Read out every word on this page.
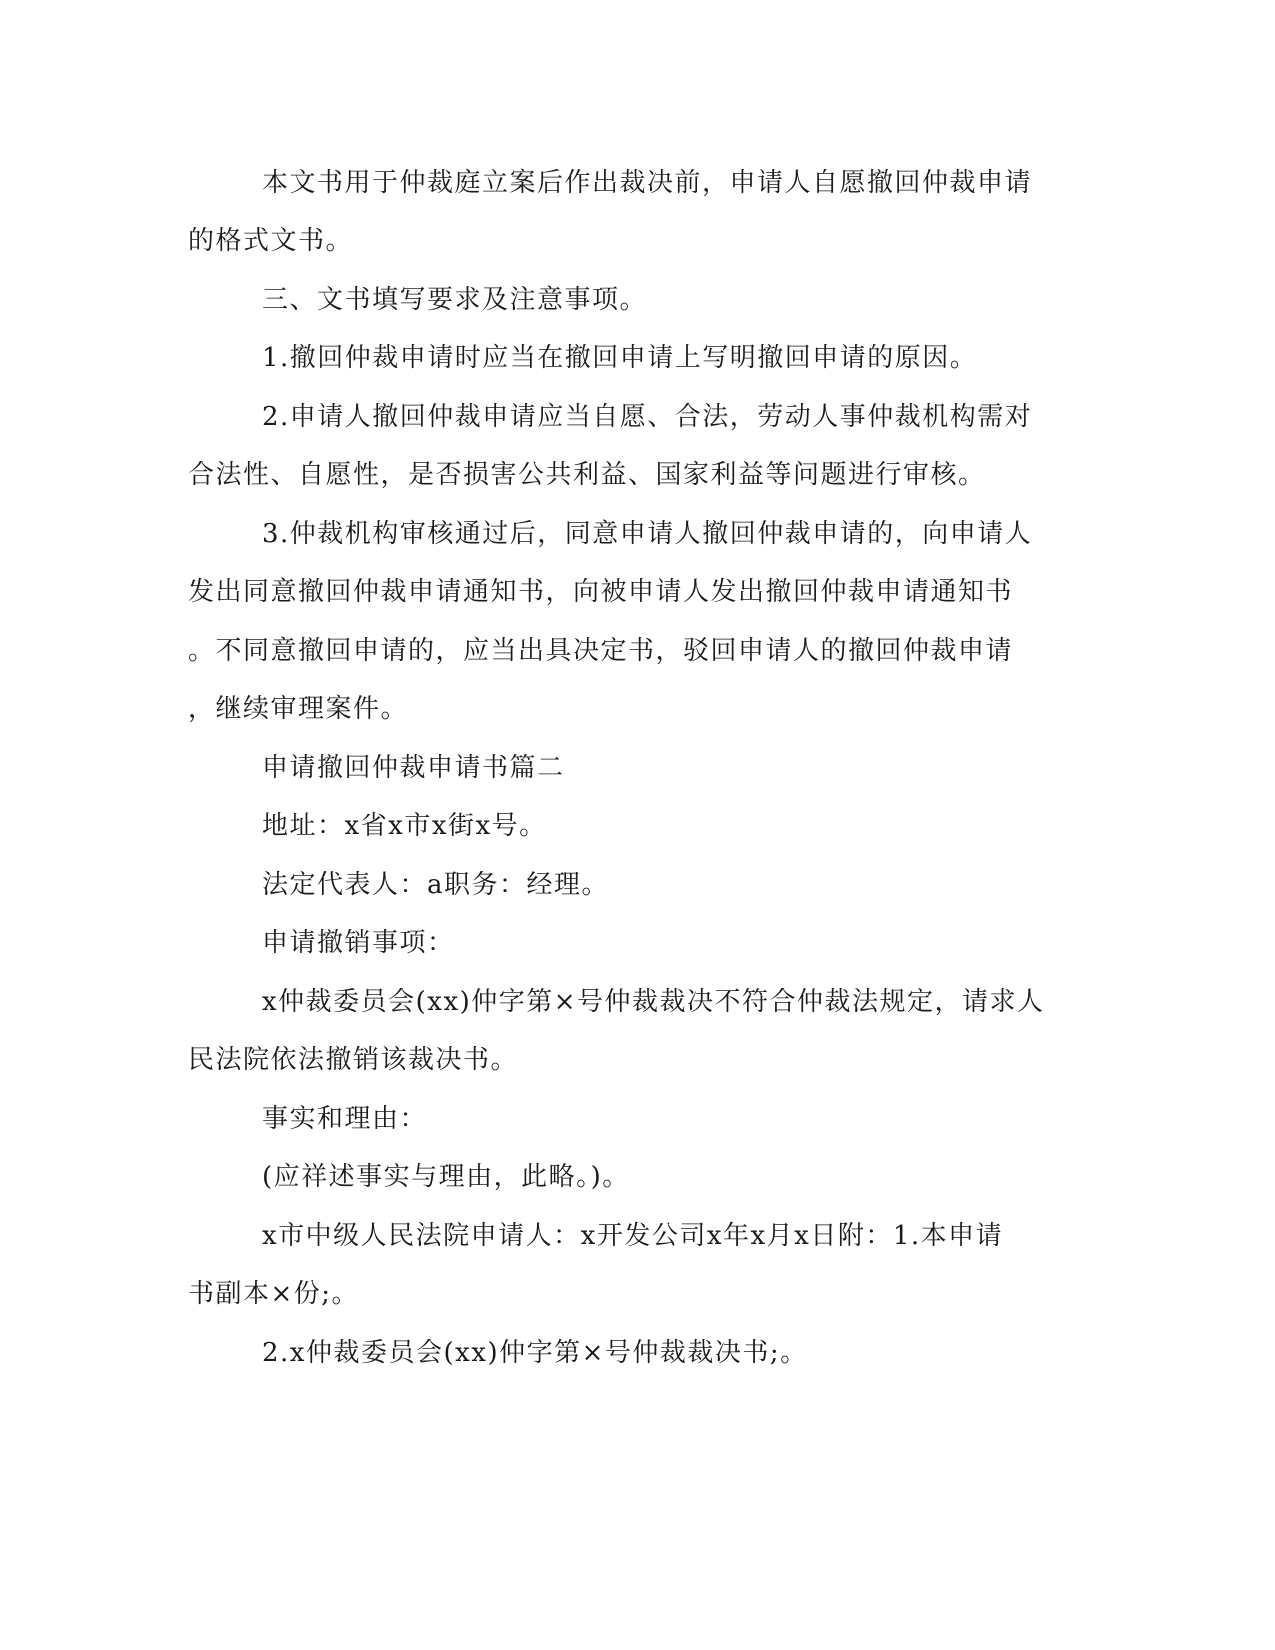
本文书用于仲裁庭立案后作出裁决前，申请人自愿撤回仲裁申请
的格式文书。
三、文书填写要求及注意事项。
1.撤回仲裁申请时应当在撤回申请上写明撤回申请的原因。
2.申请人撤回仲裁申请应当自愿、合法，劳动人事仲裁机构需对
合法性、自愿性，是否损害公共利益、国家利益等问题进行审核。
3.仲裁机构审核通过后，同意申请人撤回仲裁申请的，向申请人
发出同意撤回仲裁申请通知书，向被申请人发出撤回仲裁申请通知书
。不同意撤回申请的，应当出具决定书，驳回申请人的撤回仲裁申请
，继续审理案件。
申请撤回仲裁申请书篇二
地址：x省x市x街x号。
法定代表人：a职务：经理。
申请撤销事项：
x仲裁委员会(xx)仲字第×号仲裁裁决不符合仲裁法规定，请求人
民法院依法撤销该裁决书。
事实和理由：
(应祥述事实与理由，此略。)。
x市中级人民法院申请人：x开发公司x年x月x日附：1.本申请
书副本×份;。
2.x仲裁委员会(xx)仲字第×号仲裁裁决书;。
